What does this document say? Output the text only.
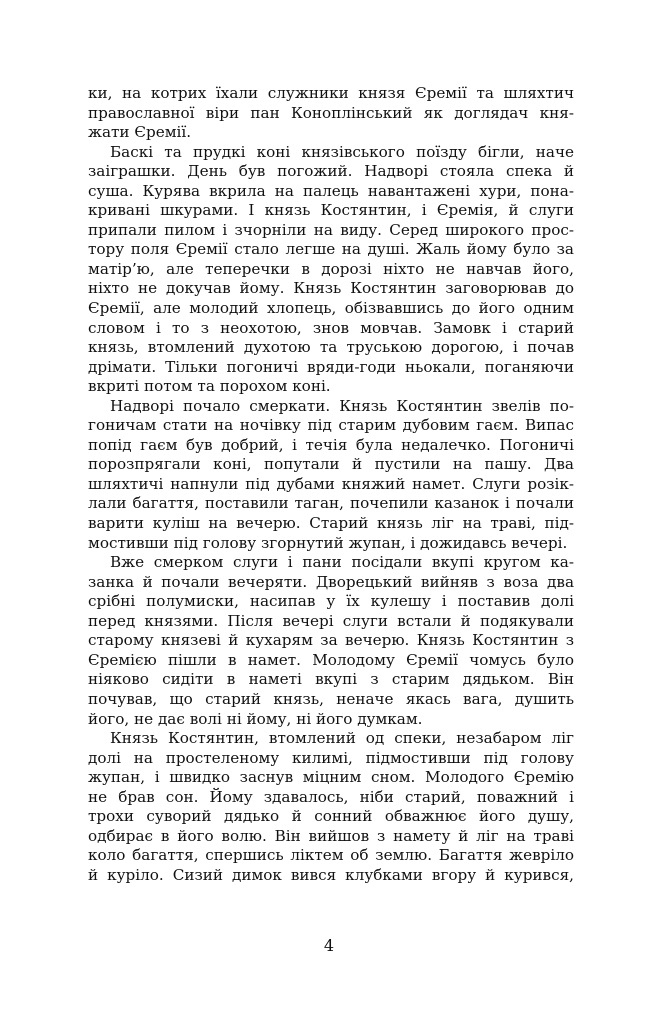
ки, на котрих їхали служники князя Єремії та шляхтич
православної віри пан Коноплінський як доглядач кня-
жати Єремії.
Баскі та прудкі коні князівського поїзду бігли, наче
заіграшки. День був погожий. Надворі стояла спека й
суша. Курява вкрила на палець навантажені хури, пона-
кривані шкурами. І князь Костянтин, і Єремія, й слуги
припали пилом і зчорніли на виду. Серед широкого прос-
тору поля Єремії стало легше на душі. Жаль йому було за
матір’ю, але теперечки в дорозі ніхто не навчав його,
ніхто не докучав йому. Князь Костянтин заговорював до
Єремії, але молодий хлопець, обізвавшись до його одним
словом і то з неохотою, знов мовчав. Замовк і старий
князь, втомлений духотою та труською дорогою, і почав
дрімати. Тільки погоничі вряди-годи ньокали, поганяючи
вкриті потом та порохом коні.
Надворі почало смеркати. Князь Костянтин звелів по-
гоничам стати на ночівку під старим дубовим гаєм. Випас
попід гаєм був добрий, і течія була недалечко. Погоничі
порозпрягали коні, попутали й пустили на пашу. Два
шляхтичі напнули під дубами княжий намет. Слуги розік-
лали багаття, поставили таган, почепили казанок і почали
варити куліш на вечерю. Старий князь ліг на траві, під-
мостивши під голову згорнутий жупан, і дожидавсь вечері.
Вже смерком слуги і пани посідали вкупі кругом ка-
занка й почали вечеряти. Дворецький вийняв з воза два
срібні полумиски, насипав у їх кулешу і поставив долі
перед князями. Після вечері слуги встали й подякували
старому князеві й кухарям за вечерю. Князь Костянтин з
Єремією пішли в намет. Молодому Єремії чомусь було
ніяково сидіти в наметі вкупі з старим дядьком. Він
почував, що старий князь, неначе якась вага, душить
його, не дає волі ні йому, ні його думкам.
Князь Костянтин, втомлений од спеки, незабаром ліг
долі на простеленому килимі, підмостивши під голову
жупан, і швидко заснув міцним сном. Молодого Єремію
не брав сон. Йому здавалось, ніби старий, поважний і
трохи суворий дядько й сонний обважнює його душу,
одбирає в його волю. Він вийшов з намету й ліг на траві
коло багаття, спершись ліктем об землю. Багаття жевріло
й куріло. Сизий димок вився клубками вгору й курився,
4
